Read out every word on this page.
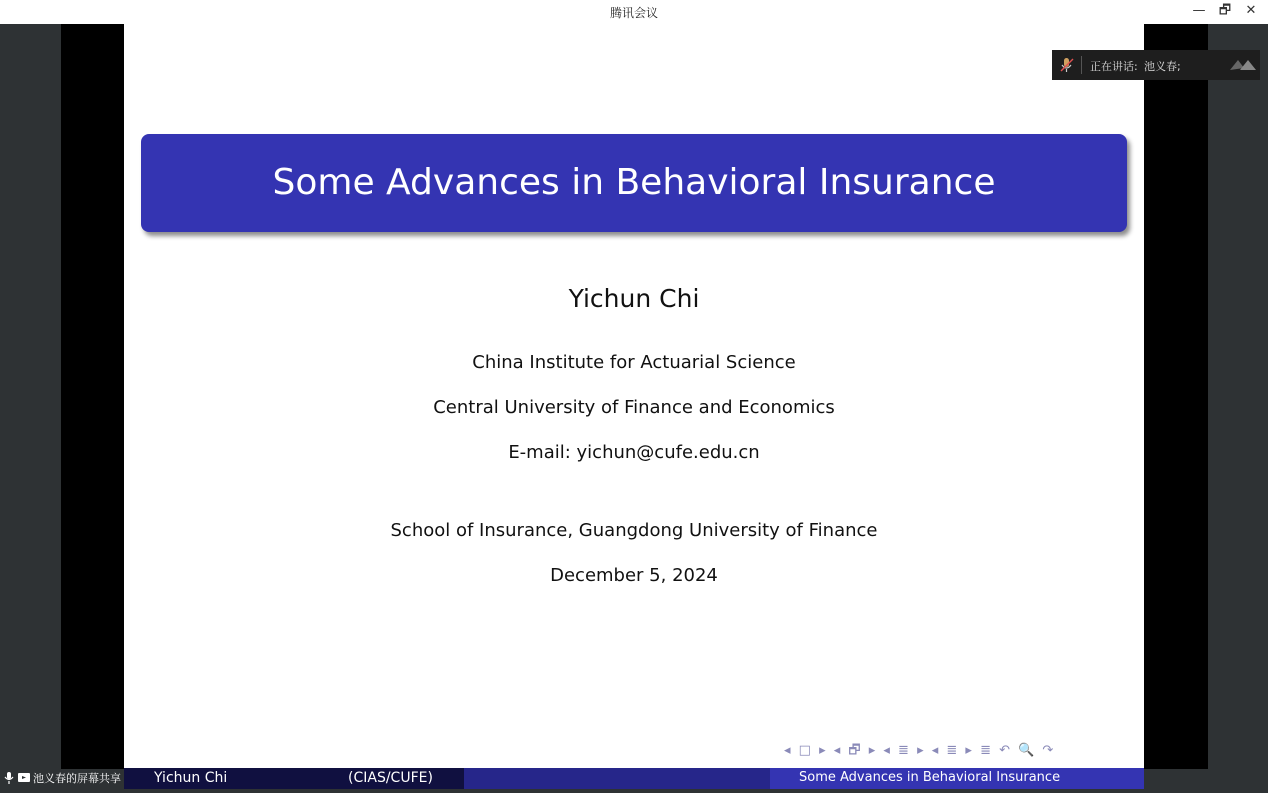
腾讯会议	—	🗗	✕
Some Advances in Behavioral Insurance
Yichun Chi
China Institute for Actuarial Science
Central University of Finance and Economics
E-mail: yichun@cufe.edu.cn
School of Insurance, Guangdong University of Finance
December 5, 2024
◂ □ ▸ ◂ 🗗 ▸ ◂ ≣ ▸ ◂ ≣ ▸ ≣ ↶ 🔍 ↷
Yichun Chi	(CIAS/CUFE)	Some Advances in Behavioral Insurance
正在讲话: 池义春;
池义春的屏幕共享
